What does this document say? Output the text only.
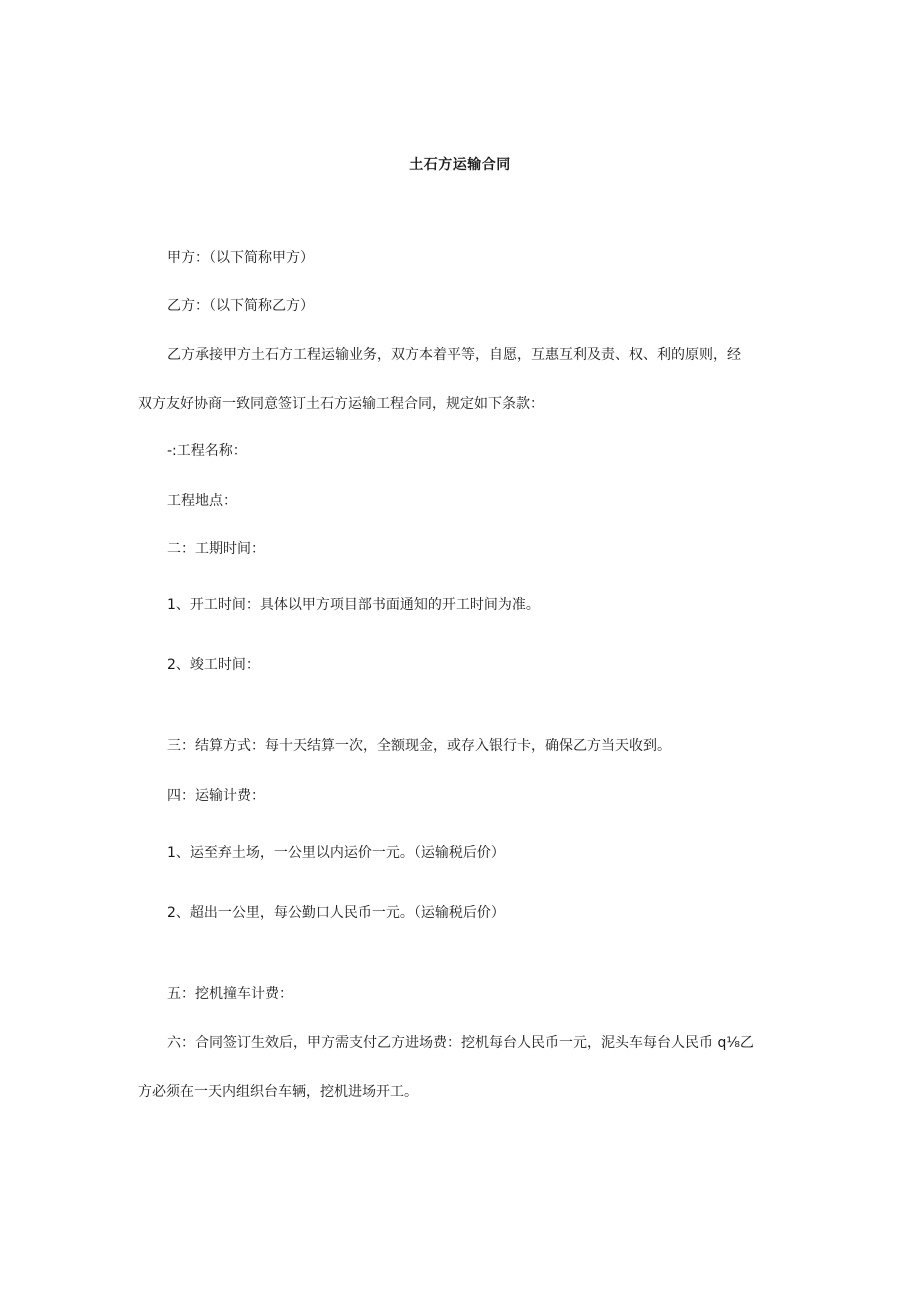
土石方运输合同
甲方：（以下简称甲方）
乙方：（以下简称乙方）
乙方承接甲方土石方工程运输业务，双方本着平等，自愿，互惠互利及责、权、利的原则，经
双方友好协商一致同意签订土石方运输工程合同，规定如下条款：
-:工程名称：
工程地点：
二：工期时间：
1、开工时间：具体以甲方项目部书面通知的开工时间为准。
2、竣工时间：
三：结算方式：每十天结算一次，全额现金，或存入银行卡，确保乙方当天收到。
四：运输计费：
1、运至弃土场，一公里以内运价一元。（运输税后价）
2、超出一公里，每公勤口人民币一元。（运输税后价）
五：挖机撞车计费：
六：合同签订生效后，甲方需支付乙方进场费：挖机每台人民币一元，泥头车每台人民币 q⅛乙
方必须在一天内组织台车辆，挖机进场开工。
